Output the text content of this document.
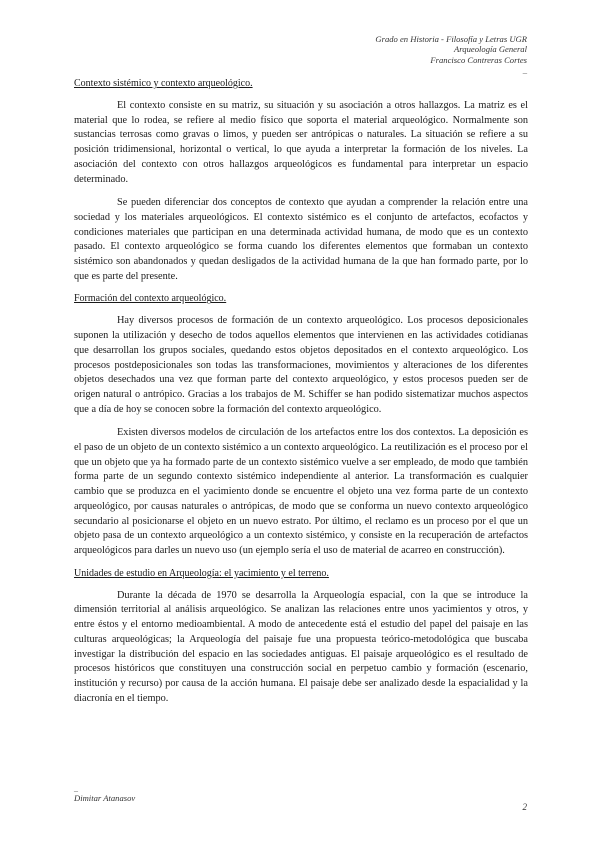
Grado en Historia - Filosofía y Letras UGR
Arqueología General
Francisco Contreras Cortes
_
Contexto sistémico y contexto arqueológico.

El contexto consiste en su matriz, su situación y su asociación a otros hallazgos. La matriz es el material que lo rodea, se refiere al medio físico que soporta el material arqueológico. Normalmente son sustancias terrosas como gravas o limos, y pueden ser antrópicas o naturales. La situación se refiere a su posición tridimensional, horizontal o vertical, lo que ayuda a interpretar la formación de los niveles. La asociación del contexto con otros hallazgos arqueológicos es fundamental para interpretar un espacio determinado.

Se pueden diferenciar dos conceptos de contexto que ayudan a comprender la relación entre una sociedad y los materiales arqueológicos. El contexto sistémico es el conjunto de artefactos, ecofactos y condiciones materiales que participan en una determinada actividad humana, de modo que es un contexto pasado. El contexto arqueológico se forma cuando los diferentes elementos que formaban un contexto sistémico son abandonados y quedan desligados de la actividad humana de la que han formado parte, por lo que es parte del presente.

Formación del contexto arqueológico.

Hay diversos procesos de formación de un contexto arqueológico. Los procesos deposicionales suponen la utilización y desecho de todos aquellos elementos que intervienen en las actividades cotidianas que desarrollan los grupos sociales, quedando estos objetos depositados en el contexto arqueológico. Los procesos postdeposicionales son todas las transformaciones, movimientos y alteraciones de los diferentes objetos desechados una vez que forman parte del contexto arqueológico, y estos procesos pueden ser de origen natural o antrópico. Gracias a los trabajos de M. Schiffer se han podido sistematizar muchos aspectos que a día de hoy se conocen sobre la formación del contexto arqueológico.

Existen diversos modelos de circulación de los artefactos entre los dos contextos. La deposición es el paso de un objeto de un contexto sistémico a un contexto arqueológico. La reutilización es el proceso por el que un objeto que ya ha formado parte de un contexto sistémico vuelve a ser empleado, de modo que también forma parte de un segundo contexto sistémico independiente al anterior. La transformación es cualquier cambio que se produzca en el yacimiento donde se encuentre el objeto una vez forma parte de un contexto arqueológico, por causas naturales o antrópicas, de modo que se conforma un nuevo contexto arqueológico secundario al posicionarse el objeto en un nuevo estrato. Por último, el reclamo es un proceso por el que un objeto pasa de un contexto arqueológico a un contexto sistémico, y consiste en la recuperación de artefactos arqueológicos para darles un nuevo uso (un ejemplo sería el uso de material de acarreo en construcción).

Unidades de estudio en Arqueología: el yacimiento y el terreno.

Durante la década de 1970 se desarrolla la Arqueología espacial, con la que se introduce la dimensión territorial al análisis arqueológico. Se analizan las relaciones entre unos yacimientos y otros, y entre éstos y el entorno medioambiental. A modo de antecedente está el estudio del papel del paisaje en las culturas arqueológicas; la Arqueología del paisaje fue una propuesta teórico-metodológica que buscaba investigar la distribución del espacio en las sociedades antiguas. El paisaje arqueológico es el resultado de procesos históricos que constituyen una construcción social en perpetuo cambio y formación (escenario, institución y recurso) por causa de la acción humana. El paisaje debe ser analizado desde la espacialidad y la diacronía en el tiempo.

_
Dimitar Atanasov
2
